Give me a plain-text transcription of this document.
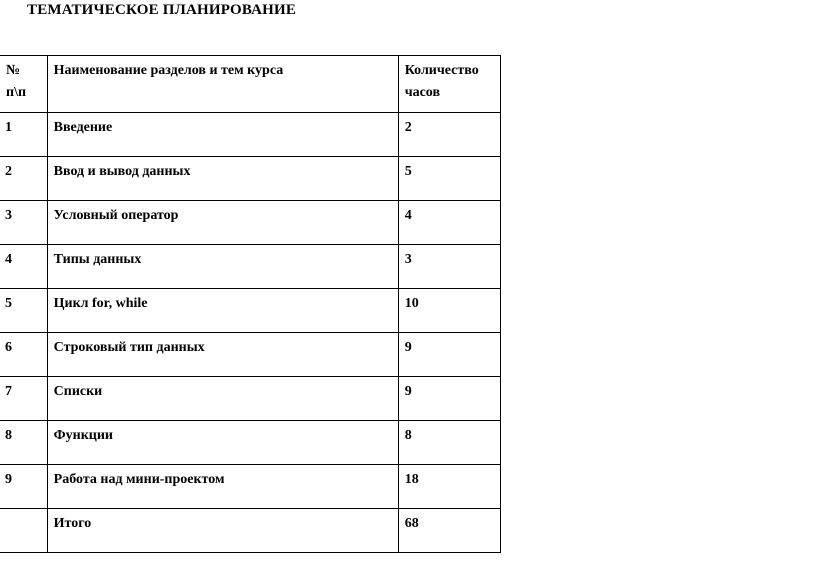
ТЕМАТИЧЕСКОЕ ПЛАНИРОВАНИЕ
№ п\п	Наименование разделов и тем курса	Количество часов

1	Введение	2

2	Ввод и вывод данных	5

3	Условный оператор	4

4	Типы данных	3

5	Цикл for, while	10

6	Строковый тип данных	9

7	Списки	9

8	Функции	8

9	Работа над мини-проектом	18

	Итого	68
